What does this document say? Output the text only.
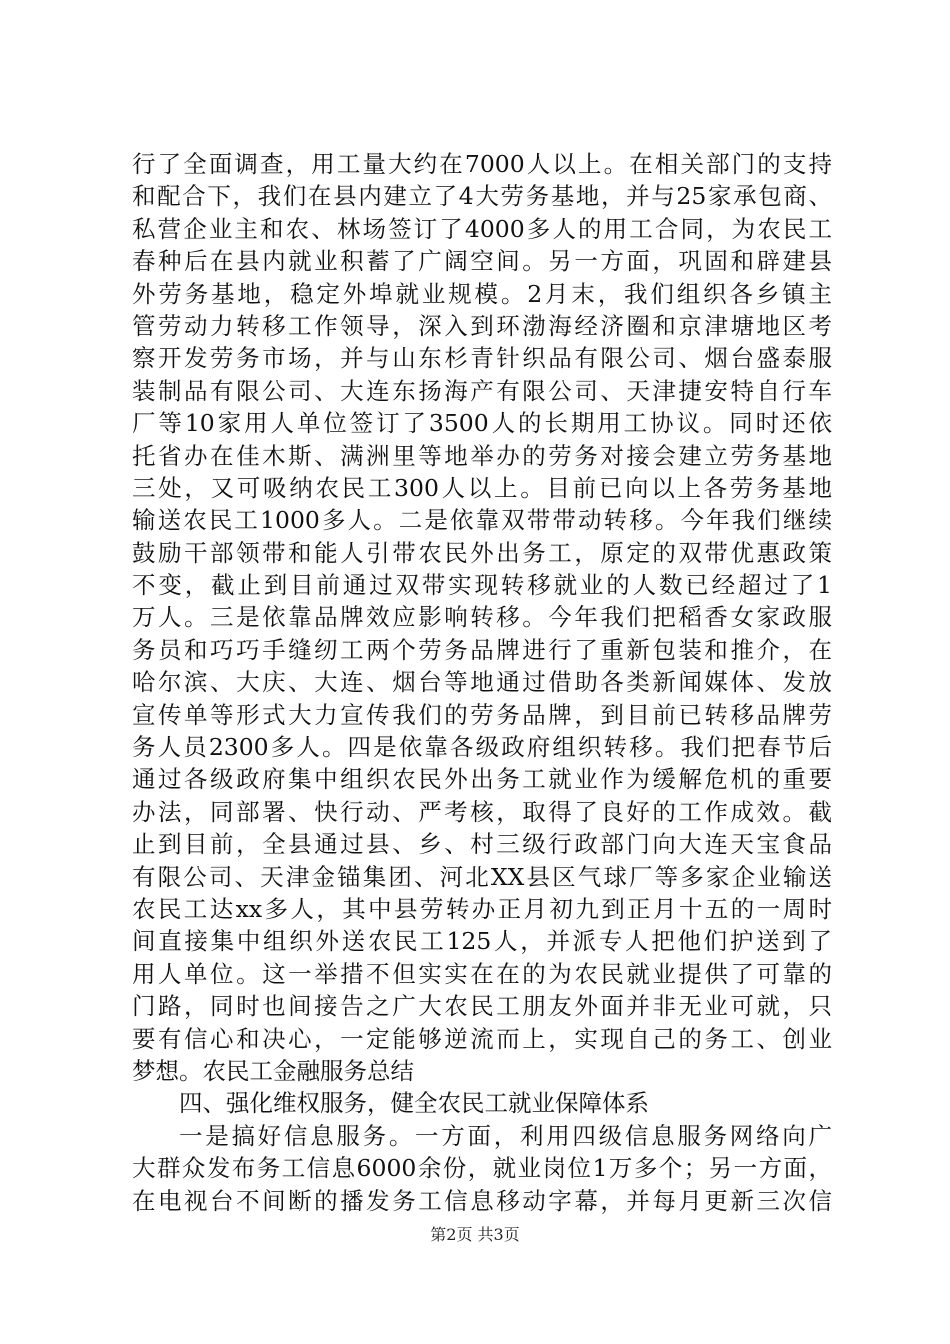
行了全面调查，用工量大约在7000人以上。在相关部门的支持
和配合下，我们在县内建立了4大劳务基地，并与25家承包商、
私营企业主和农、林场签订了4000多人的用工合同，为农民工
春种后在县内就业积蓄了广阔空间。另一方面，巩固和辟建县
外劳务基地，稳定外埠就业规模。2月末，我们组织各乡镇主
管劳动力转移工作领导，深入到环渤海经济圈和京津塘地区考
察开发劳务市场，并与山东杉青针织品有限公司、烟台盛泰服
装制品有限公司、大连东扬海产有限公司、天津捷安特自行车
厂等10家用人单位签订了3500人的长期用工协议。同时还依
托省办在佳木斯、满洲里等地举办的劳务对接会建立劳务基地
三处，又可吸纳农民工300人以上。目前已向以上各劳务基地
输送农民工1000多人。二是依靠双带带动转移。今年我们继续
鼓励干部领带和能人引带农民外出务工，原定的双带优惠政策
不变，截止到目前通过双带实现转移就业的人数已经超过了1
万人。三是依靠品牌效应影响转移。今年我们把稻香女家政服
务员和巧巧手缝纫工两个劳务品牌进行了重新包装和推介，在
哈尔滨、大庆、大连、烟台等地通过借助各类新闻媒体、发放
宣传单等形式大力宣传我们的劳务品牌，到目前已转移品牌劳
务人员2300多人。四是依靠各级政府组织转移。我们把春节后
通过各级政府集中组织农民外出务工就业作为缓解危机的重要
办法，同部署、快行动、严考核，取得了良好的工作成效。截
止到目前，全县通过县、乡、村三级行政部门向大连天宝食品
有限公司、天津金锚集团、河北XX县区气球厂等多家企业输送
农民工达xx多人，其中县劳转办正月初九到正月十五的一周时
间直接集中组织外送农民工125人，并派专人把他们护送到了
用人单位。这一举措不但实实在在的为农民就业提供了可靠的
门路，同时也间接告之广大农民工朋友外面并非无业可就，只
要有信心和决心，一定能够逆流而上，实现自己的务工、创业
梦想。农民工金融服务总结
四、强化维权服务，健全农民工就业保障体系
一是搞好信息服务。一方面，利用四级信息服务网络向广
大群众发布务工信息6000余份，就业岗位1万多个；另一方面，
在电视台不间断的播发务工信息移动字幕，并每月更新三次信
第2页 共3页
